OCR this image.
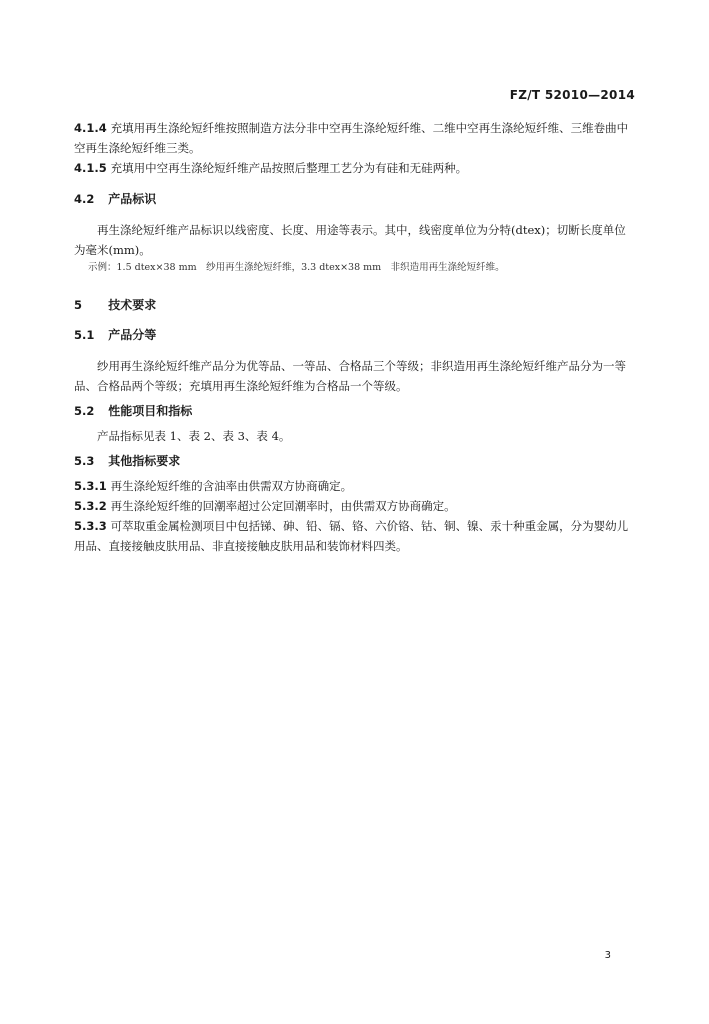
FZ/T 52010—2014

4.1.4 充填用再生涤纶短纤维按照制造方法分非中空再生涤纶短纤维、二维中空再生涤纶短纤维、三维卷曲中空再生涤纶短纤维三类。

4.1.5 充填用中空再生涤纶短纤维产品按照后整理工艺分为有硅和无硅两种。

4.2 产品标识

再生涤纶短纤维产品标识以线密度、长度、用途等表示。其中，线密度单位为分特(dtex)；切断长度单位为毫米(mm)。

示例：1.5 dtex×38 mm　纱用再生涤纶短纤维，3.3 dtex×38 mm　非织造用再生涤纶短纤维。

5 技术要求

5.1 产品分等

纱用再生涤纶短纤维产品分为优等品、一等品、合格品三个等级；非织造用再生涤纶短纤维产品分为一等品、合格品两个等级；充填用再生涤纶短纤维为合格品一个等级。

5.2 性能项目和指标

产品指标见表 1、表 2、表 3、表 4。

5.3 其他指标要求

5.3.1 再生涤纶短纤维的含油率由供需双方协商确定。

5.3.2 再生涤纶短纤维的回潮率超过公定回潮率时，由供需双方协商确定。

5.3.3 可萃取重金属检测项目中包括锑、砷、铅、镉、铬、六价铬、钴、铜、镍、汞十种重金属，分为婴幼儿用品、直接接触皮肤用品、非直接接触皮肤用品和装饰材料四类。

3
